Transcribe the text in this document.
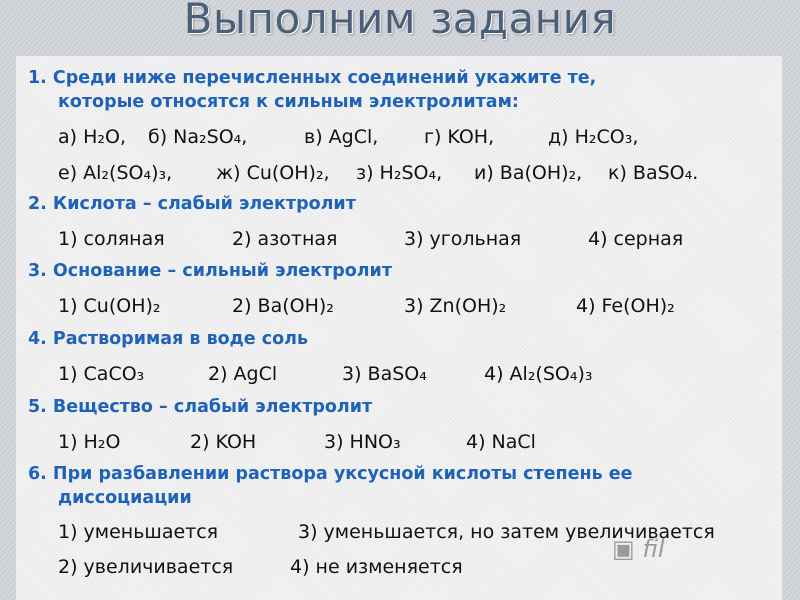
Выполним задания
1. Среди ниже перечисленных соединений укажите те,
которые относятся к сильным электролитам:
а) H₂O, б) Na₂SO₄,	в) AgCl, г) KOH,	д) H₂CO₃,
е) Al₂(SO₄)₃, ж) Cu(OH)₂, з) H₂SO₄, и) Ba(OH)₂, к) BaSO₄.
2. Кислота – слабый электролит
1) соляная	2) азотная	3) угольная	4) серная
3. Основание – сильный электролит
1) Cu(OH)₂	2) Ba(OH)₂	3) Zn(OH)₂	4) Fe(OH)₂
4. Растворимая в воде соль
1) CaCO₃	2) AgCl	3) BaSO₄	4) Al₂(SO₄)₃
5. Вещество – слабый электролит
1) H₂O	2) KOH	3) HNO₃	4) NaCl
6. При разбавлении раствора уксусной кислоты степень ее
диссоциации
1) уменьшается	3) уменьшается, но затем увеличивается
2) увеличивается	4) не изменяется
▣ fil
